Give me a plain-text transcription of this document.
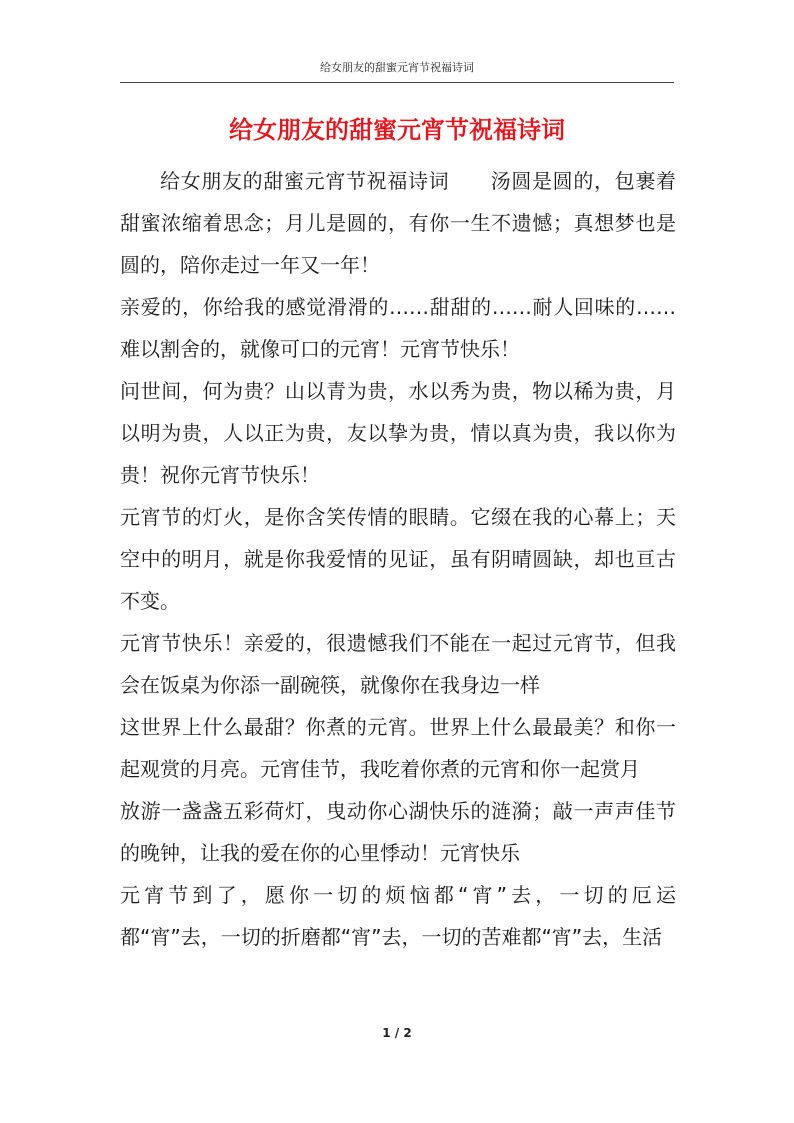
给女朋友的甜蜜元宵节祝福诗词
给女朋友的甜蜜元宵节祝福诗词

给女朋友的甜蜜元宵节祝福诗词　　汤圆是圆的，包裹着甜蜜浓缩着思念；月儿是圆的，有你一生不遗憾；真想梦也是圆的，陪你走过一年又一年！

亲爱的，你给我的感觉滑滑的……甜甜的……耐人回味的……难以割舍的，就像可口的元宵！元宵节快乐！

问世间，何为贵？山以青为贵，水以秀为贵，物以稀为贵，月以明为贵，人以正为贵，友以挚为贵，情以真为贵，我以你为贵！祝你元宵节快乐！

元宵节的灯火，是你含笑传情的眼睛。它缀在我的心幕上；天空中的明月，就是你我爱情的见证，虽有阴晴圆缺，却也亘古不变。

元宵节快乐！亲爱的，很遗憾我们不能在一起过元宵节，但我会在饭桌为你添一副碗筷，就像你在我身边一样

这世界上什么最甜？你煮的元宵。世界上什么最最美？和你一起观赏的月亮。元宵佳节，我吃着你煮的元宵和你一起赏月

放游一盏盏五彩荷灯，曳动你心湖快乐的涟漪；敲一声声佳节的晚钟，让我的爱在你的心里悸动！元宵快乐

元宵节到了，愿你一切的烦恼都“宵”去，一切的厄运都“宵”去，一切的折磨都“宵”去，一切的苦难都“宵”去，生活

1 / 2
